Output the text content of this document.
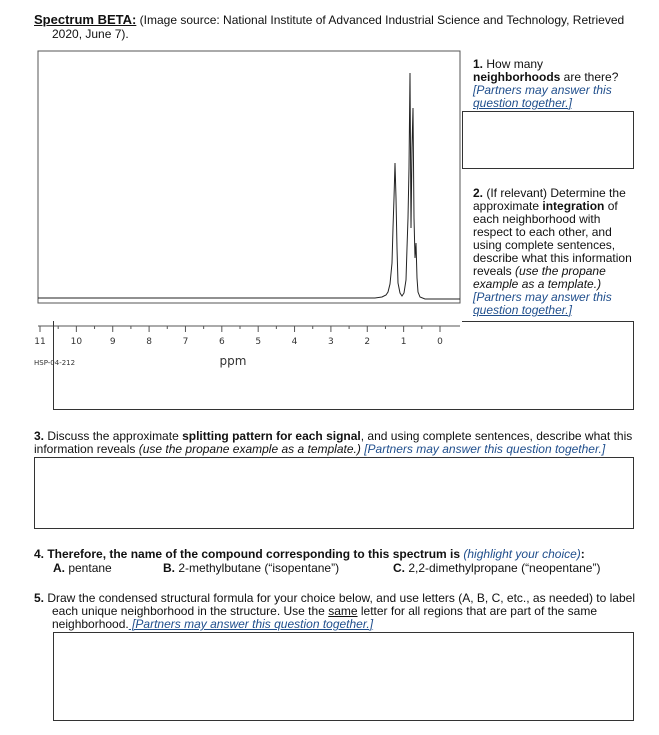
Spectrum BETA: (Image source: National Institute of Advanced Industrial Science and Technology, Retrieved
2020, June 7).
11	10	9	8	7	6	5	4	3	2	1	0
ppm
HSP-04-212
1. How many
neighborhoods are there?
[Partners may answer this
question together.]
2. (If relevant) Determine the
approximate integration of
each neighborhood with
respect to each other, and
using complete sentences,
describe what this information
reveals (use the propane
example as a template.)
[Partners may answer this
question together.]
3. Discuss the approximate splitting pattern for each signal, and using complete sentences, describe what this
information reveals (use the propane example as a template.) [Partners may answer this question together.]
4. Therefore, the name of the compound corresponding to this spectrum is (highlight your choice):
A. pentane	B. 2-methylbutane (“isopentane”)	C. 2,2-dimethylpropane (“neopentane”)
5. Draw the condensed structural formula for your choice below, and use letters (A, B, C, etc., as needed) to label
each unique neighborhood in the structure. Use the same letter for all regions that are part of the same
neighborhood. [Partners may answer this question together.]
